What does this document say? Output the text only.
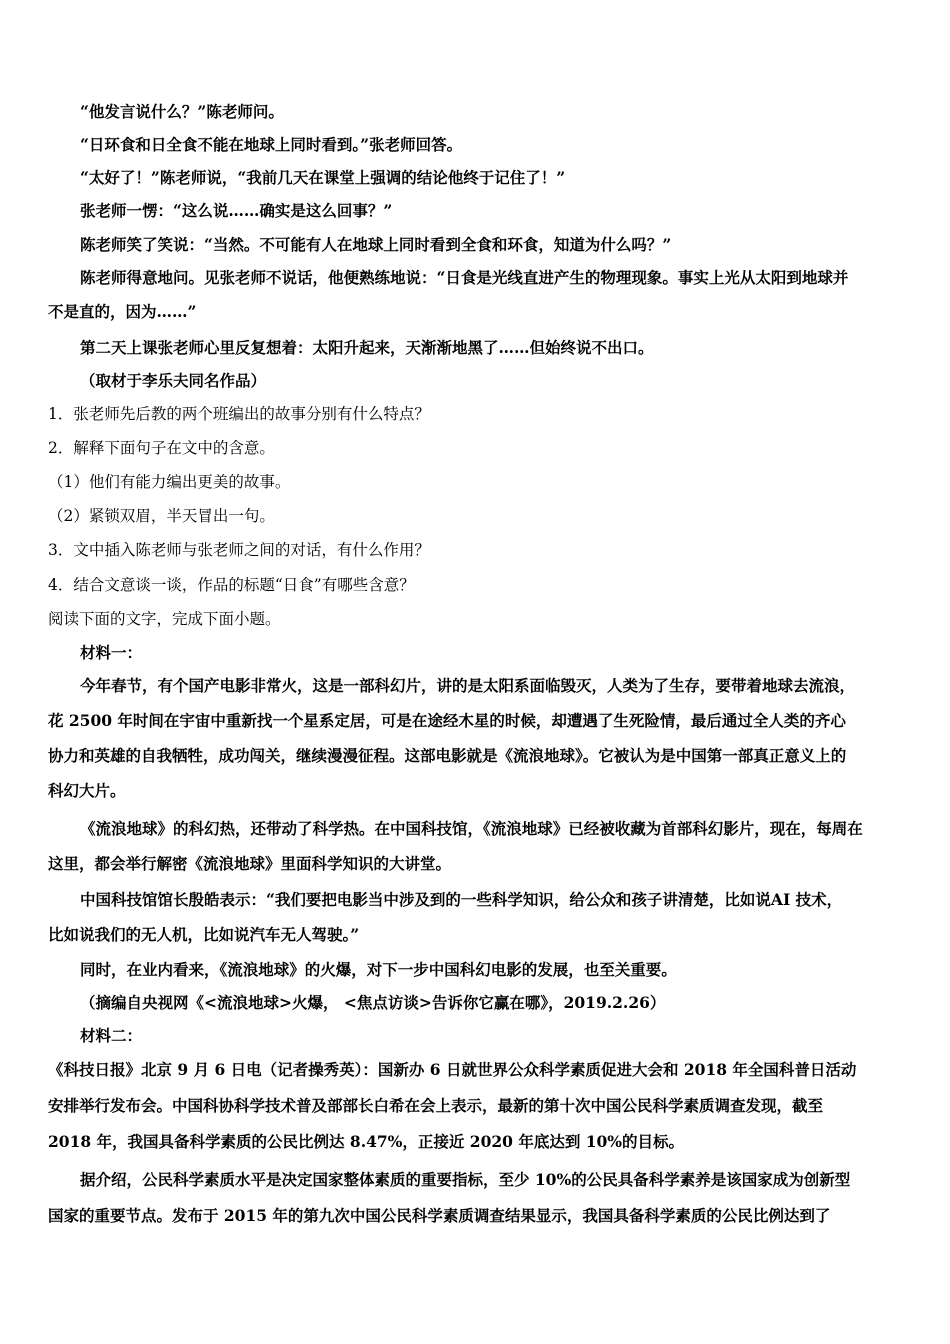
“他发言说什么？”陈老师问。
“日环食和日全食不能在地球上同时看到。”张老师回答。
“太好了！”陈老师说，“我前几天在课堂上强调的结论他终于记住了！”
张老师一愣：“这么说……确实是这么回事？”
陈老师笑了笑说：“当然。不可能有人在地球上同时看到全食和环食，知道为什么吗？”
陈老师得意地问。见张老师不说话，他便熟练地说：“日食是光线直进产生的物理现象。事实上光从太阳到地球并
不是直的，因为……”
第二天上课张老师心里反复想着：太阳升起来，天渐渐地黑了……但始终说不出口。
（取材于李乐夫同名作品）
1．张老师先后教的两个班编出的故事分别有什么特点？
2．解释下面句子在文中的含意。
（1）他们有能力编出更美的故事。
（2）紧锁双眉，半天冒出一句。
3．文中插入陈老师与张老师之间的对话，有什么作用？
4．结合文意谈一谈，作品的标题“日食”有哪些含意？
阅读下面的文字，完成下面小题。
材料一：
今年春节，有个国产电影非常火，这是一部科幻片，讲的是太阳系面临毁灭，人类为了生存，要带着地球去流浪，
花 2500 年时间在宇宙中重新找一个星系定居，可是在途经木星的时候，却遭遇了生死险情，最后通过全人类的齐心
协力和英雄的自我牺牲，成功闯关，继续漫漫征程。这部电影就是《流浪地球》。它被认为是中国第一部真正意义上的
科幻大片。
《流浪地球》的科幻热，还带动了科学热。在中国科技馆，《流浪地球》已经被收藏为首部科幻影片，现在，每周在
这里，都会举行解密《流浪地球》里面科学知识的大讲堂。
中国科技馆馆长殷皓表示：“我们要把电影当中涉及到的一些科学知识，给公众和孩子讲清楚，比如说AI 技术，
比如说我们的无人机，比如说汽车无人驾驶。”
同时，在业内看来，《流浪地球》的火爆，对下一步中国科幻电影的发展，也至关重要。
（摘编自央视网《<流浪地球>火爆， <焦点访谈>告诉你它赢在哪》，2019.2.26）
材料二：
《科技日报》北京 9 月 6 日电（记者操秀英）：国新办 6 日就世界公众科学素质促进大会和 2018 年全国科普日活动
安排举行发布会。中国科协科学技术普及部部长白希在会上表示，最新的第十次中国公民科学素质调查发现，截至
2018 年，我国具备科学素质的公民比例达 8.47%，正接近 2020 年底达到 10%的目标。
据介绍，公民科学素质水平是决定国家整体素质的重要指标，至少 10%的公民具备科学素养是该国家成为创新型
国家的重要节点。发布于 2015 年的第九次中国公民科学素质调查结果显示，我国具备科学素质的公民比例达到了
